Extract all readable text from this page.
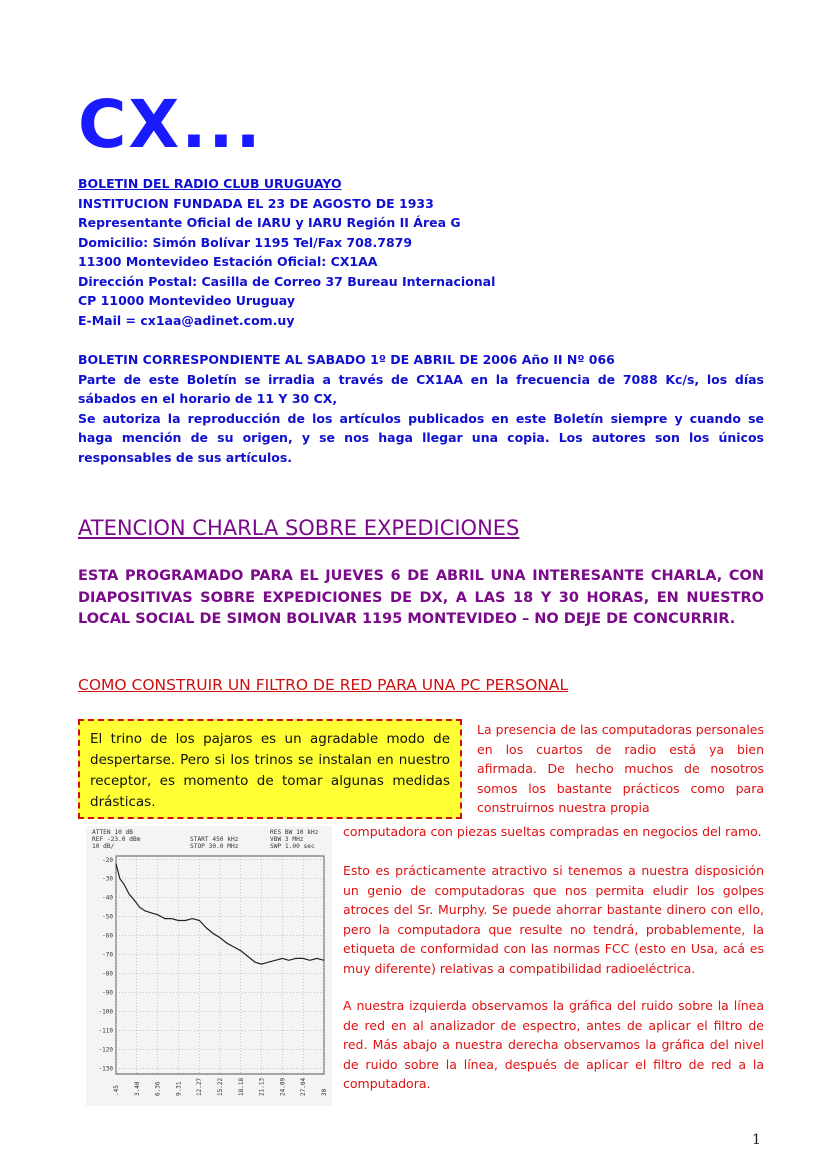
CX...
BOLETIN DEL RADIO CLUB URUGUAYO
INSTITUCION FUNDADA EL 23 DE AGOSTO DE 1933
Representante Oficial de IARU y IARU Región II Área G
Domicilio: Simón Bolívar 1195 Tel/Fax 708.7879
11300 Montevideo Estación Oficial: CX1AA
Dirección Postal: Casilla de Correo 37 Bureau Internacional
CP 11000 Montevideo Uruguay
E-Mail = cx1aa@adinet.com.uy
BOLETIN CORRESPONDIENTE AL SABADO 1º DE ABRIL DE 2006 Año II Nº 066
Parte de este Boletín se irradia a través de CX1AA en la frecuencia de 7088 Kc/s, los días sábados en el horario de 11 Y 30 CX,
Se autoriza la reproducción de los artículos publicados en este Boletín siempre y cuando se haga mención de su origen, y se nos haga llegar una copia. Los autores son los únicos responsables de sus artículos.
ATENCION CHARLA SOBRE EXPEDICIONES
ESTA PROGRAMADO PARA EL JUEVES 6 DE ABRIL UNA INTERESANTE CHARLA, CON DIAPOSITIVAS SOBRE EXPEDICIONES DE DX, A LAS 18 Y 30 HORAS, EN NUESTRO LOCAL SOCIAL DE SIMON BOLIVAR 1195 MONTEVIDEO – NO DEJE DE CONCURRIR.
COMO CONSTRUIR UN FILTRO DE RED PARA UNA PC PERSONAL
El trino de los pajaros es un agradable modo de despertarse. Pero si los trinos se instalan en nuestro receptor, es momento de tomar algunas medidas drásticas.
La presencia de las computadoras personales en los cuartos de radio está ya bien afirmada. De hecho muchos de nosotros somos los bastante prácticos como para construirnos nuestra propia
computadora con piezas sueltas compradas en negocios del ramo.
Esto es prácticamente atractivo si tenemos a nuestra disposición un genio de computadoras que nos permita eludir los golpes atroces del Sr. Murphy. Se puede ahorrar bastante dinero con ello, pero la computadora que resulte no tendrá, probablemente, la etiqueta de conformidad con las normas FCC (esto en Usa, acá es muy diferente) relativas a compatibilidad radioeléctrica.
A nuestra izquierda observamos la gráfica del ruido sobre la línea de red en al analizador de espectro, antes de aplicar el filtro de red. Más abajo a nuestra derecha observamos la gráfica del nivel de ruido sobre la línea, después de aplicar el filtro de red a la computadora.
ATTEN 10 dB
REF -23.0 dBm
10 dB/
START 450 kHz
STOP 30.0 MHz
RES BW 10 kHz
VBW 3 MHz
SWP 1.00 sec
-20
-30
-40
-50
-60
-70
-80
-90
-100
-110
-120
-130
.45 3.40 6.36 9.31 12.27 15.22 18.18 21.13 24.09 27.04 30
1
